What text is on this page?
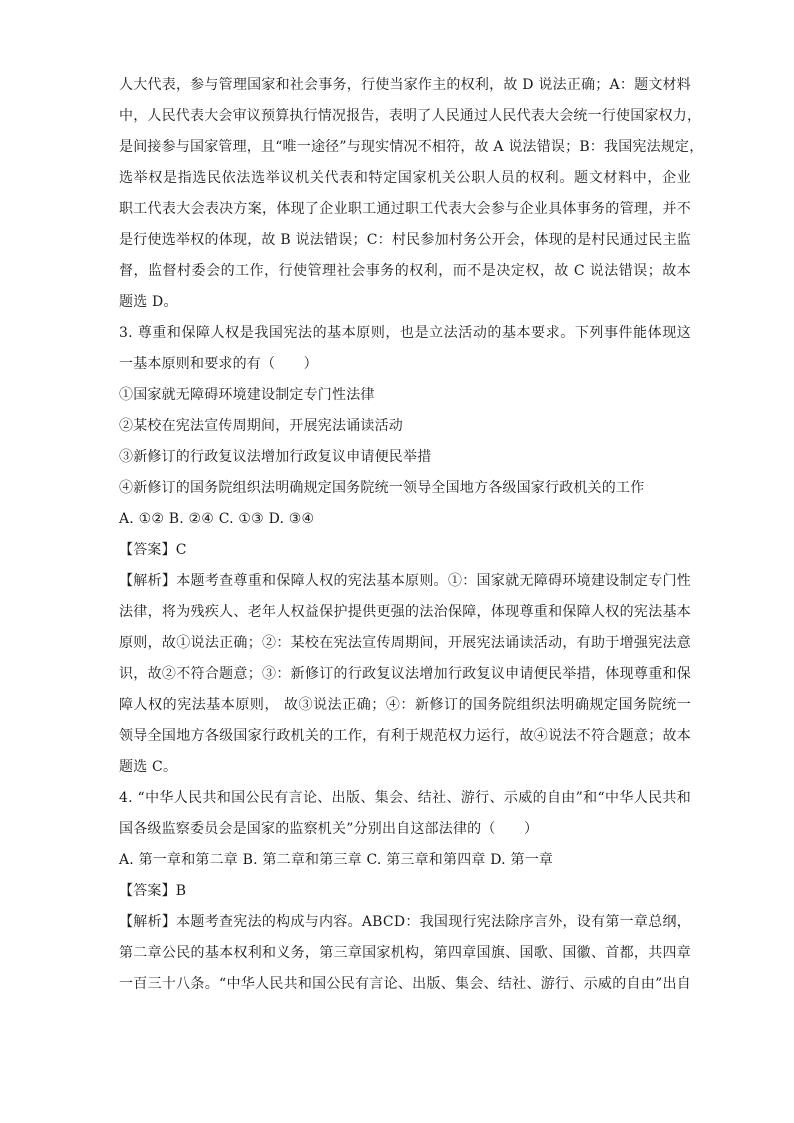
人大代表，参与管理国家和社会事务，行使当家作主的权利，故 D 说法正确；A：题文材料
中，人民代表大会审议预算执行情况报告，表明了人民通过人民代表大会统一行使国家权力，
是间接参与国家管理，且“唯一途径”与现实情况不相符，故 A 说法错误；B：我国宪法规定，
选举权是指选民依法选举议机关代表和特定国家机关公职人员的权利。题文材料中，企业
职工代表大会表决方案，体现了企业职工通过职工代表大会参与企业具体事务的管理，并不
是行使选举权的体现，故 B 说法错误；C：村民参加村务公开会，体现的是村民通过民主监
督，监督村委会的工作，行使管理社会事务的权利，而不是决定权，故 C 说法错误；故本
题选 D。
3. 尊重和保障人权是我国宪法的基本原则，也是立法活动的基本要求。下列事件能体现这
一基本原则和要求的有（　　）
①国家就无障碍环境建设制定专门性法律
②某校在宪法宣传周期间，开展宪法诵读活动
③新修订的行政复议法增加行政复议申请便民举措
④新修订的国务院组织法明确规定国务院统一领导全国地方各级国家行政机关的工作
A. ①② B. ②④ C. ①③ D. ③④
【答案】C
【解析】本题考查尊重和保障人权的宪法基本原则。①：国家就无障碍环境建设制定专门性
法律，将为残疾人、老年人权益保护提供更强的法治保障，体现尊重和保障人权的宪法基本
原则，故①说法正确；②：某校在宪法宣传周期间，开展宪法诵读活动，有助于增强宪法意
识，故②不符合题意；③：新修订的行政复议法增加行政复议申请便民举措，体现尊重和保
障人权的宪法基本原则， 故③说法正确；④：新修订的国务院组织法明确规定国务院统一
领导全国地方各级国家行政机关的工作，有利于规范权力运行，故④说法不符合题意；故本
题选 C。
4. “中华人民共和国公民有言论、出版、集会、结社、游行、示威的自由”和“中华人民共和
国各级监察委员会是国家的监察机关”分别出自这部法律的（　　）
A. 第一章和第二章 B. 第二章和第三章 C. 第三章和第四章 D. 第一章
【答案】B
【解析】本题考查宪法的构成与内容。ABCD：我国现行宪法除序言外，设有第一章总纲，
第二章公民的基本权利和义务，第三章国家机构，第四章国旗、国歌、国徽、首都，共四章
一百三十八条。“中华人民共和国公民有言论、出版、集会、结社、游行、示威的自由”出自
